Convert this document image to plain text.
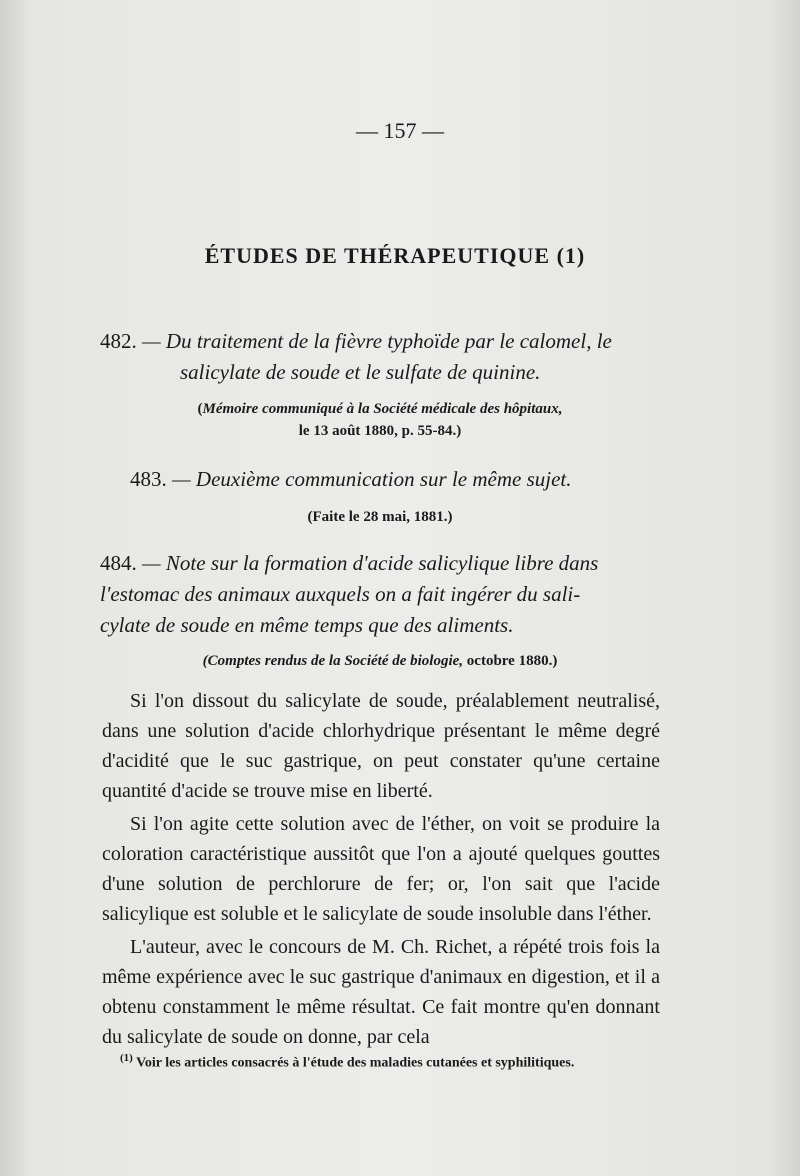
— 157 —
ÉTUDES DE THÉRAPEUTIQUE (1)

482. — Du traitement de la fièvre typhoïde par le calomel, le

salicylate de soude et le sulfate de quinine.

(Mémoire communiqué à la Société médicale des hôpitaux,
le 13 août 1880, p. 55-84.)

483. — Deuxième communication sur le même sujet.

(Faite le 28 mai, 1881.)

484. — Note sur la formation d'acide salicylique libre dans

l'estomac des animaux auxquels on a fait ingérer du sali-

cylate de soude en même temps que des aliments.

(Comptes rendus de la Société de biologie, octobre 1880.)

Si l'on dissout du salicylate de soude, préalablement neutralisé, dans une solution d'acide chlorhydrique présentant le même degré d'acidité que le suc gastrique, on peut constater qu'une certaine quantité d'acide se trouve mise en liberté.

Si l'on agite cette solution avec de l'éther, on voit se produire la coloration caractéristique aussitôt que l'on a ajouté quelques gouttes d'une solution de perchlorure de fer; or, l'on sait que l'acide salicylique est soluble et le salicylate de soude insoluble dans l'éther.

L'auteur, avec le concours de M. Ch. Richet, a répété trois fois la même expérience avec le suc gastrique d'animaux en digestion, et il a obtenu constamment le même résultat. Ce fait montre qu'en donnant du salicylate de soude on donne, par cela

$^{(1)}$ Voir les articles consacrés à l'étude des maladies cutanées et syphilitiques.
